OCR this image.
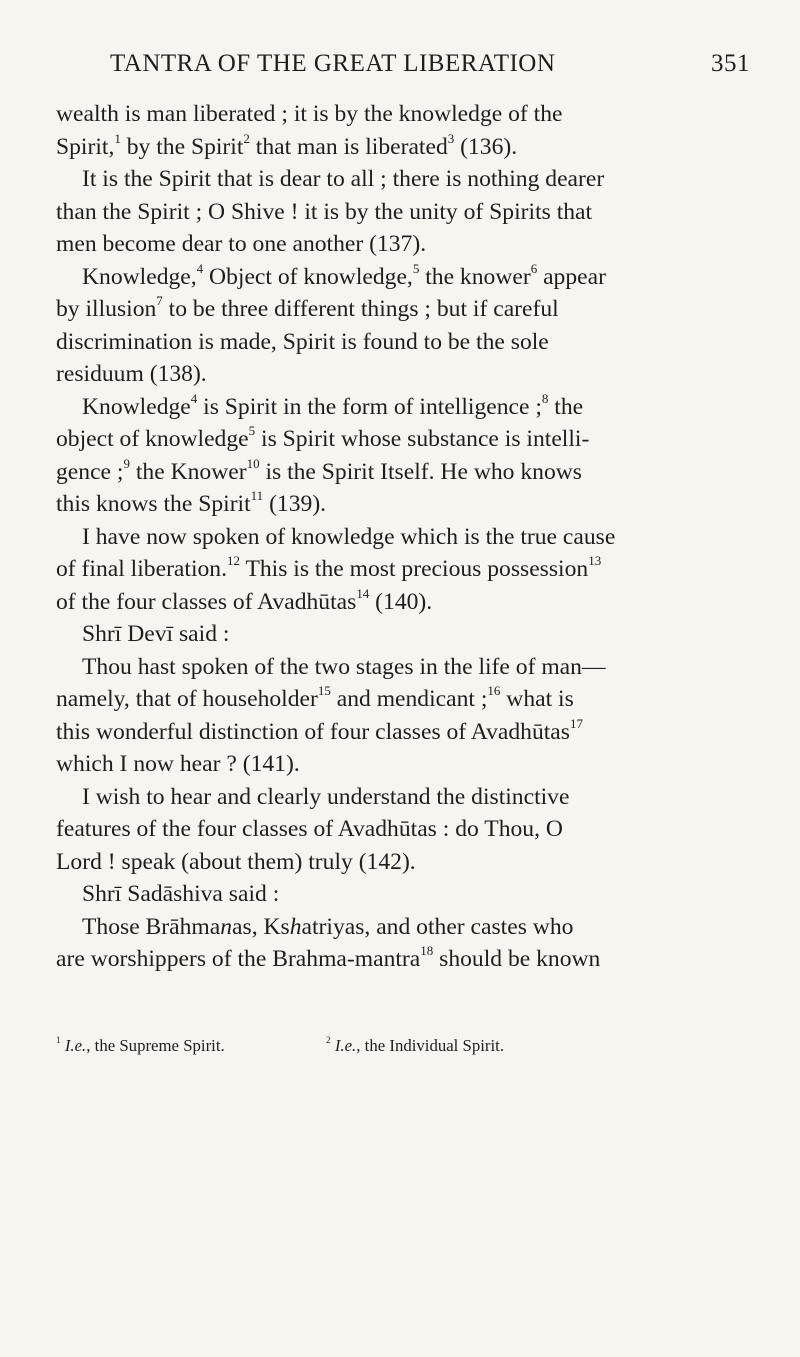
TANTRA OF THE GREAT LIBERATION	351
wealth is man liberated ; it is by the knowledge of the
Spirit,$^1$ by the Spirit$^2$ that man is liberated$^3$ (136).
It is the Spirit that is dear to all ; there is nothing dearer
than the Spirit ; O Shive ! it is by the unity of Spirits that
men become dear to one another (137).
Knowledge,$^4$ Object of knowledge,$^5$ the knower$^6$ appear
by illusion$^7$ to be three different things ; but if careful
discrimination is made, Spirit is found to be the sole
residuum (138).
Knowledge$^4$ is Spirit in the form of intelligence ;$^8$ the
object of knowledge$^5$ is Spirit whose substance is intelli-
gence ;$^9$ the Knower$^{10}$ is the Spirit Itself. He who knows
this knows the Spirit$^{11}$ (139).
I have now spoken of knowledge which is the true cause
of final liberation.$^{12}$ This is the most precious possession$^{13}$
of the four classes of Avadhūtas$^{14}$ (140).
Shrī Devī said :
Thou hast spoken of the two stages in the life of man—
namely, that of householder$^{15}$ and mendicant ;$^{16}$ what is
this wonderful distinction of four classes of Avadhūtas$^{17}$
which I now hear ? (141).
I wish to hear and clearly understand the distinctive
features of the four classes of Avadhūtas : do Thou, O
Lord ! speak (about them) truly (142).
Shrī Sadāshiva said :
Those Brāhmanas, Kshatriyas, and other castes who
are worshippers of the Brahma-mantra$^{18}$ should be known
$^1$ I.e., the Supreme Spirit.	$^2$ I.e., the Individual Spirit.
